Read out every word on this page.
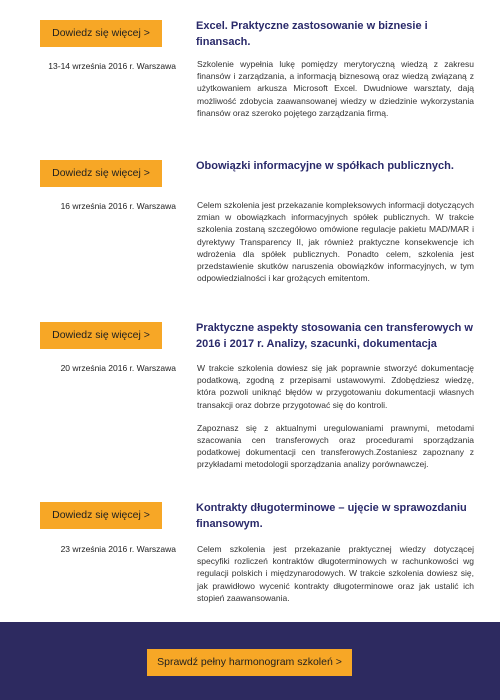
Dowiedz się więcej >
Excel. Praktyczne zastosowanie w biznesie i finansach.
13-14 września 2016 r. Warszawa Szkolenie wypełnia lukę pomiędzy merytoryczną wiedzą z zakresu finansów i zarządzania, a informacją biznesową oraz wiedzą związaną z użytkowaniem arkusza Microsoft Excel. Dwudniowe warsztaty, dają możliwość zdobycia zaawansowanej wiedzy w dziedzinie wykorzystania finansów oraz szeroko pojętego zarządzania firmą.

Dowiedz się więcej >
Obowiązki informacyjne w spółkach publicznych.
16 września 2016 r. Warszawa Celem szkolenia jest przekazanie kompleksowych informacji dotyczących zmian w obowiązkach informacyjnych spółek publicznych. W trakcie szkolenia zostaną szczegółowo omówione regulacje pakietu MAD/MAR i dyrektywy Transparency II, jak również praktyczne konsekwencje ich wdrożenia dla spółek publicznych. Ponadto celem, szkolenia jest przedstawienie skutków naruszenia obowiązków informacyjnych, w tym odpowiedzialności i kar grożących emitentom.

Dowiedz się więcej >
Praktyczne aspekty stosowania cen transferowych w 2016 i 2017 r. Analizy, szacunki, dokumentacja
20 września 2016 r. Warszawa W trakcie szkolenia dowiesz się jak poprawnie stworzyć dokumentację podatkową, zgodną z przepisami ustawowymi. Zdobędziesz wiedzę, która pozwoli uniknąć błędów w przygotowaniu dokumentacji własnych transakcji oraz dobrze przygotować się do kontroli.

Zapoznasz się z aktualnymi uregulowaniami prawnymi, metodami szacowania cen transferowych oraz procedurami sporządzania podatkowej dokumentacji cen transferowych.Zostaniesz zapoznany z przykładami metodologii sporządzania analizy porównawczej.

Dowiedz się więcej >
Kontrakty długoterminowe – ujęcie w sprawozdaniu finansowym.
23 września 2016 r. Warszawa Celem szkolenia jest przekazanie praktycznej wiedzy dotyczącej specyfiki rozliczeń kontraktów długoterminowych w rachunkowości wg regulacji polskich i międzynarodowych. W trakcie szkolenia dowiesz się, jak prawidłowo wycenić kontrakty długoterminowe oraz jak ustalić ich stopień zaawansowania.

Sprawdź pełny harmonogram szkoleń >
